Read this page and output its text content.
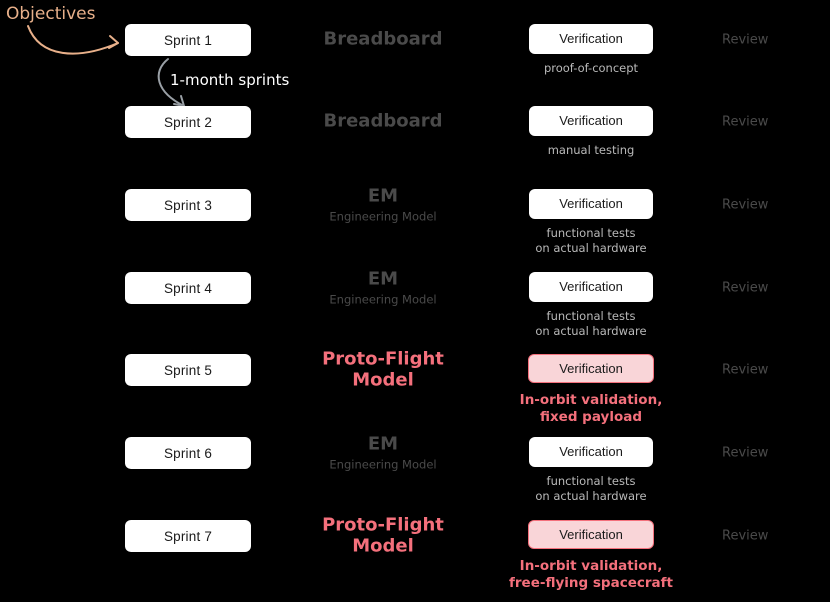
Objectives
1-month sprints
Sprint 1	Breadboard	Verification
proof-of-concept
Review
Sprint 2	Breadboard	Verification
manual testing
Review
Sprint 3	EM
Engineering Model
Verification
functional tests
on actual hardware
Review
Sprint 4	EM
Engineering Model
Verification
functional tests
on actual hardware
Review
Sprint 5
Proto-Flight
Model
Verification
In-orbit validation,
fixed payload
Review
Sprint 6	EM
Engineering Model
Verification
functional tests
on actual hardware
Review
Sprint 7
Proto-Flight
Model
Verification
In-orbit validation,
free-flying spacecraft
Review
